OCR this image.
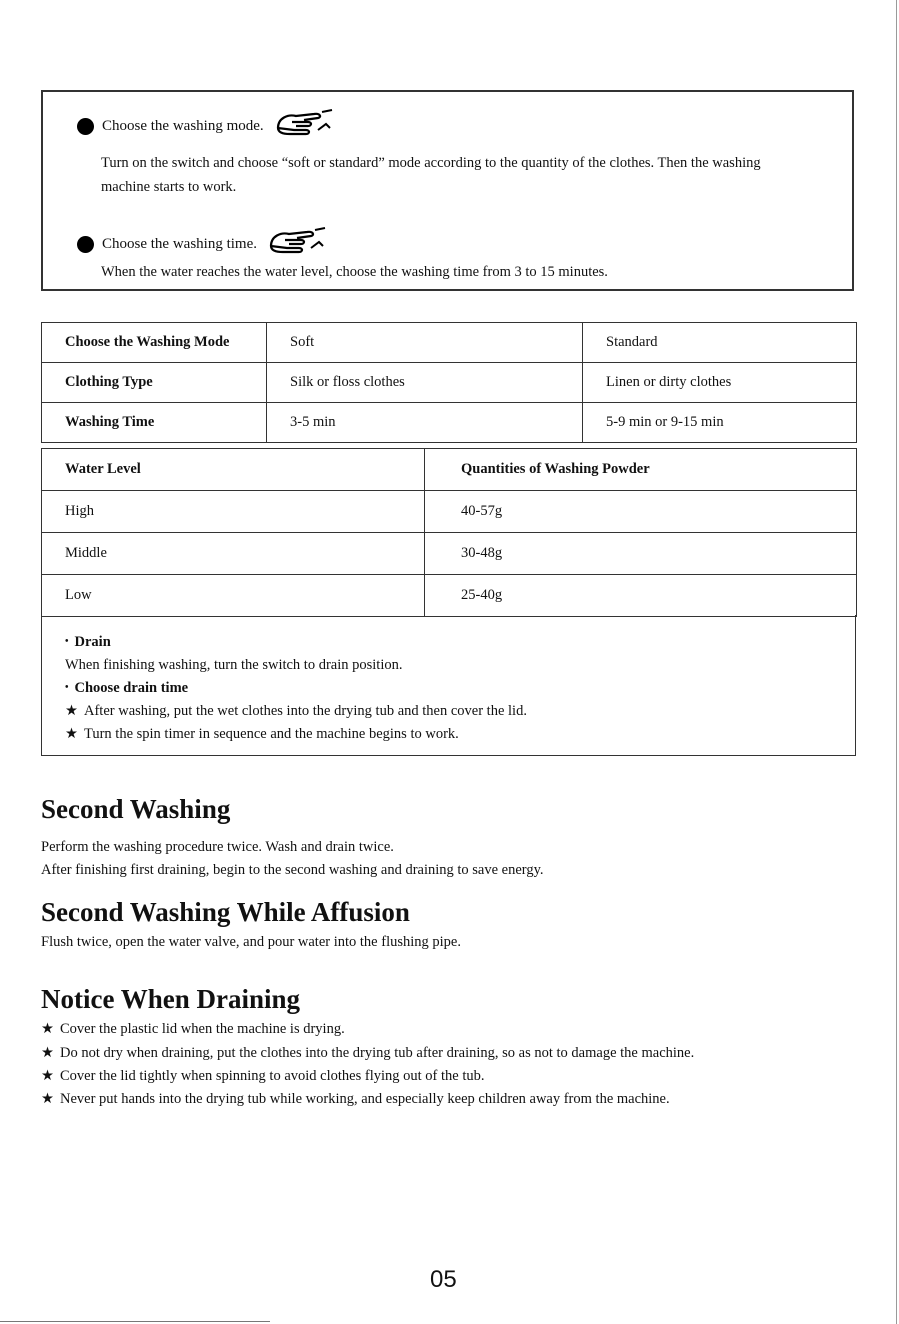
Choose the washing mode.
Turn on the switch and choose “soft or standard” mode according to the quantity of the clothes. Then the washing
machine starts to work.
Choose the washing time.
When the water reaches the water level, choose the washing time from 3 to 15 minutes.
Choose the Washing Mode	Soft	Standard
Clothing Type	Silk or floss clothes	Linen or dirty clothes
Washing Time	3-5 min	5-9 min or 9-15 min
Water Level	Quantities of Washing Powder
High	40-57g
Middle	30-48g
Low	25-40g
• Drain
When finishing washing, turn the switch to drain position.
• Choose drain time
★ After washing, put the wet clothes into the drying tub and then cover the lid.
★ Turn the spin timer in sequence and the machine begins to work.
Second Washing
Perform the washing procedure twice. Wash and drain twice.
After finishing first draining, begin to the second washing and draining to save energy.
Second Washing While Affusion
Flush twice, open the water valve, and pour water into the flushing pipe.
Notice When Draining
★ Cover the plastic lid when the machine is drying.
★ Do not dry when draining, put the clothes into the drying tub after draining, so as not to damage the machine.
★ Cover the lid tightly when spinning to avoid clothes flying out of the tub.
★ Never put hands into the drying tub while working, and especially keep children away from the machine.
05
